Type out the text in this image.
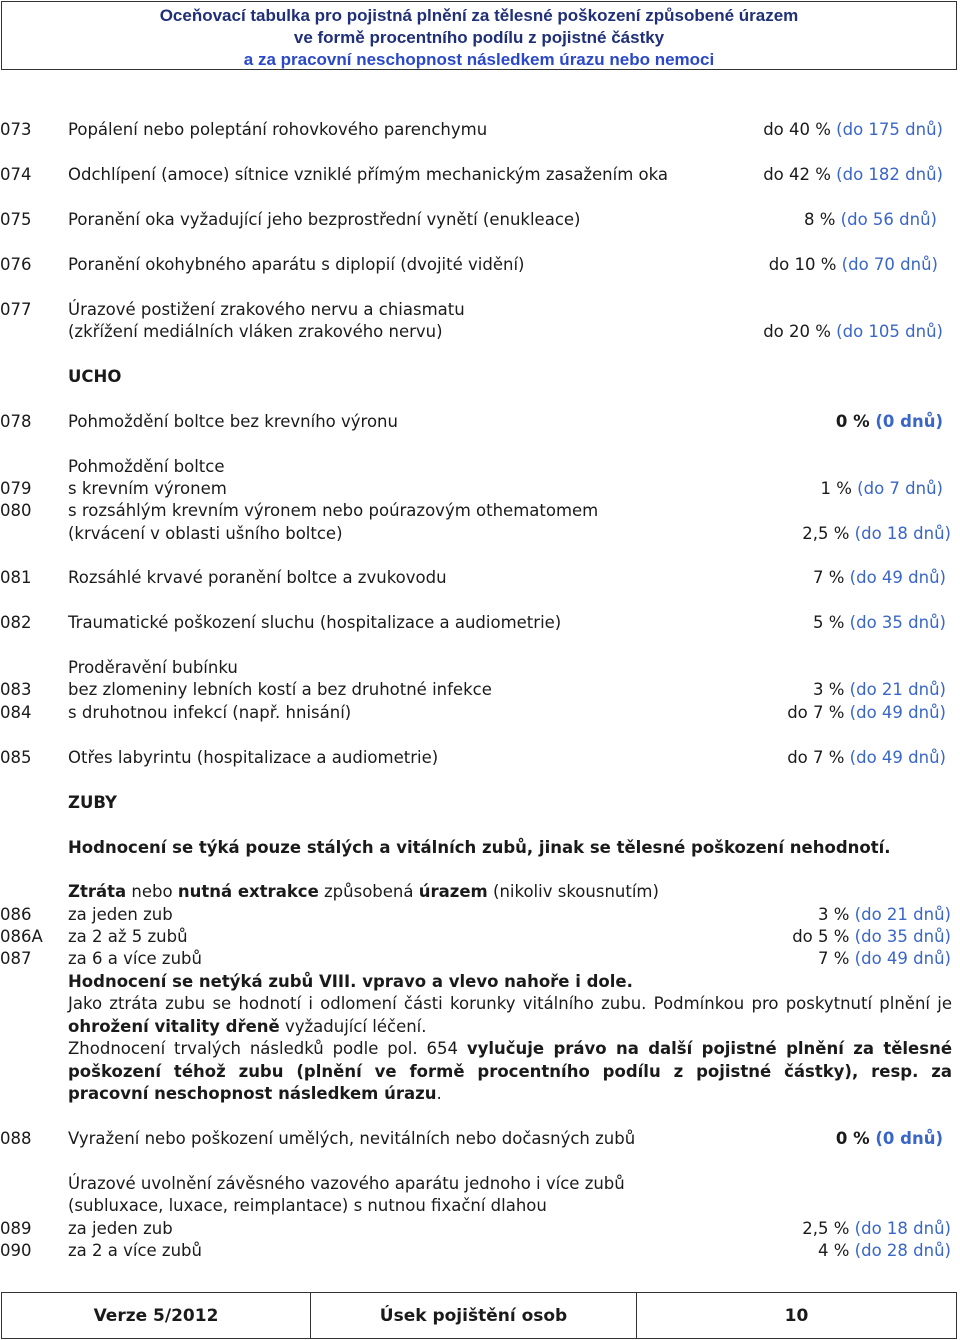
Oceňovací tabulka pro pojistná plnění za tělesné poškození způsobené úrazem
ve formě procentního podílu z pojistné částky
a za pracovní neschopnost následkem úrazu nebo nemoci
073 Popálení nebo poleptání rohovkového parenchymu	do 40 % (do 175 dnů)
074 Odchlípení (amoce) sítnice vzniklé přímým mechanickým zasažením oka	do 42 % (do 182 dnů)
075 Poranění oka vyžadující jeho bezprostřední vynětí (enukleace)	8 % (do 56 dnů)
076 Poranění okohybného aparátu s diplopií (dvojité vidění)	do 10 % (do 70 dnů)
077 Úrazové postižení zrakového nervu a chiasmatu
(zkřížení mediálních vláken zrakového nervu)	do 20 % (do 105 dnů)
UCHO
078 Pohmoždění boltce bez krevního výronu	0 % (0 dnů)
Pohmoždění boltce
079 s krevním výronem	1 % (do 7 dnů)
080 s rozsáhlým krevním výronem nebo poúrazovým othematomem
(krvácení v oblasti ušního boltce)	2,5 % (do 18 dnů)
081 Rozsáhlé krvavé poranění boltce a zvukovodu	7 % (do 49 dnů)
082 Traumatické poškození sluchu (hospitalizace a audiometrie)	5 % (do 35 dnů)
Proděravění bubínku
083 bez zlomeniny lebních kostí a bez druhotné infekce	3 % (do 21 dnů)
084 s druhotnou infekcí (např. hnisání)	do 7 % (do 49 dnů)
085 Otřes labyrintu (hospitalizace a audiometrie)	do 7 % (do 49 dnů)
ZUBY
Hodnocení se týká pouze stálých a vitálních zubů, jinak se tělesné poškození nehodnotí.
Ztráta nebo nutná extrakce způsobená úrazem (nikoliv skousnutím)
086 za jeden zub	3 % (do 21 dnů)
086A za 2 až 5 zubů	do 5 % (do 35 dnů)
087 za 6 a více zubů	7 % (do 49 dnů)
Hodnocení se netýká zubů VIII. vpravo a vlevo nahoře i dole.
Jako ztráta zubu se hodnotí i odlomení části korunky vitálního zubu. Podmínkou pro poskytnutí plnění je ohrožení vitality dřeně vyžadující léčení.
Zhodnocení trvalých následků podle pol. 654 vylučuje právo na další pojistné plnění za tělesné poškození téhož zubu (plnění ve formě procentního podílu z pojistné částky), resp. za pracovní neschopnost následkem úrazu.
088 Vyražení nebo poškození umělých, nevitálních nebo dočasných zubů	0 % (0 dnů)
Úrazové uvolnění závěsného vazového aparátu jednoho i více zubů
(subluxace, luxace, reimplantace) s nutnou fixační dlahou
089 za jeden zub	2,5 % (do 18 dnů)
090 za 2 a více zubů	4 % (do 28 dnů)
Verze 5/2012	Úsek pojištění osob	10
